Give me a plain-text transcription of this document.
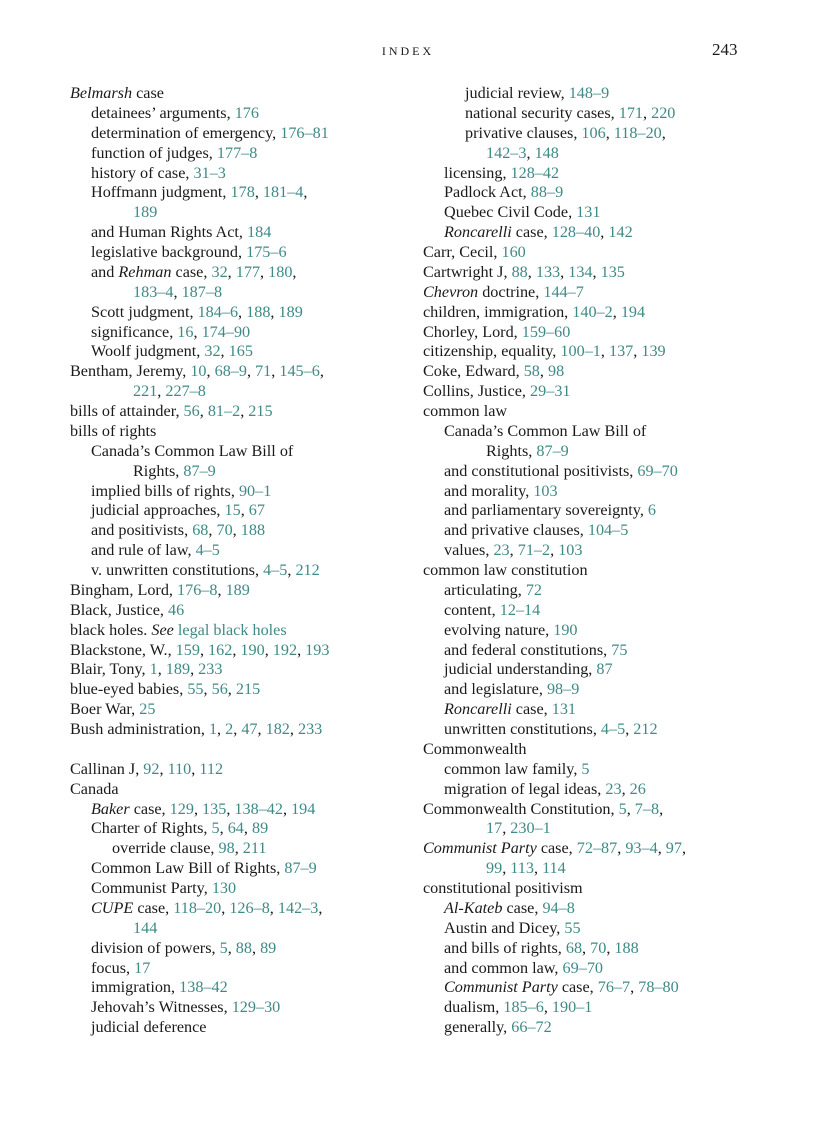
INDEX	243
Belmarsh case
detainees’ arguments, 176
determination of emergency, 176–81
function of judges, 177–8
history of case, 31–3
Hoffmann judgment, 178, 181–4,
189
and Human Rights Act, 184
legislative background, 175–6
and Rehman case, 32, 177, 180,
183–4, 187–8
Scott judgment, 184–6, 188, 189
significance, 16, 174–90
Woolf judgment, 32, 165
Bentham, Jeremy, 10, 68–9, 71, 145–6,
221, 227–8
bills of attainder, 56, 81–2, 215
bills of rights
Canada’s Common Law Bill of
Rights, 87–9
implied bills of rights, 90–1
judicial approaches, 15, 67
and positivists, 68, 70, 188
and rule of law, 4–5
v. unwritten constitutions, 4–5, 212
Bingham, Lord, 176–8, 189
Black, Justice, 46
black holes. See legal black holes
Blackstone, W., 159, 162, 190, 192, 193
Blair, Tony, 1, 189, 233
blue-eyed babies, 55, 56, 215
Boer War, 25
Bush administration, 1, 2, 47, 182, 233
Callinan J, 92, 110, 112
Canada
Baker case, 129, 135, 138–42, 194
Charter of Rights, 5, 64, 89
override clause, 98, 211
Common Law Bill of Rights, 87–9
Communist Party, 130
CUPE case, 118–20, 126–8, 142–3,
144
division of powers, 5, 88, 89
focus, 17
immigration, 138–42
Jehovah’s Witnesses, 129–30
judicial deference
judicial review, 148–9
national security cases, 171, 220
privative clauses, 106, 118–20,
142–3, 148
licensing, 128–42
Padlock Act, 88–9
Quebec Civil Code, 131
Roncarelli case, 128–40, 142
Carr, Cecil, 160
Cartwright J, 88, 133, 134, 135
Chevron doctrine, 144–7
children, immigration, 140–2, 194
Chorley, Lord, 159–60
citizenship, equality, 100–1, 137, 139
Coke, Edward, 58, 98
Collins, Justice, 29–31
common law
Canada’s Common Law Bill of
Rights, 87–9
and constitutional positivists, 69–70
and morality, 103
and parliamentary sovereignty, 6
and privative clauses, 104–5
values, 23, 71–2, 103
common law constitution
articulating, 72
content, 12–14
evolving nature, 190
and federal constitutions, 75
judicial understanding, 87
and legislature, 98–9
Roncarelli case, 131
unwritten constitutions, 4–5, 212
Commonwealth
common law family, 5
migration of legal ideas, 23, 26
Commonwealth Constitution, 5, 7–8,
17, 230–1
Communist Party case, 72–87, 93–4, 97,
99, 113, 114
constitutional positivism
Al-Kateb case, 94–8
Austin and Dicey, 55
and bills of rights, 68, 70, 188
and common law, 69–70
Communist Party case, 76–7, 78–80
dualism, 185–6, 190–1
generally, 66–72
